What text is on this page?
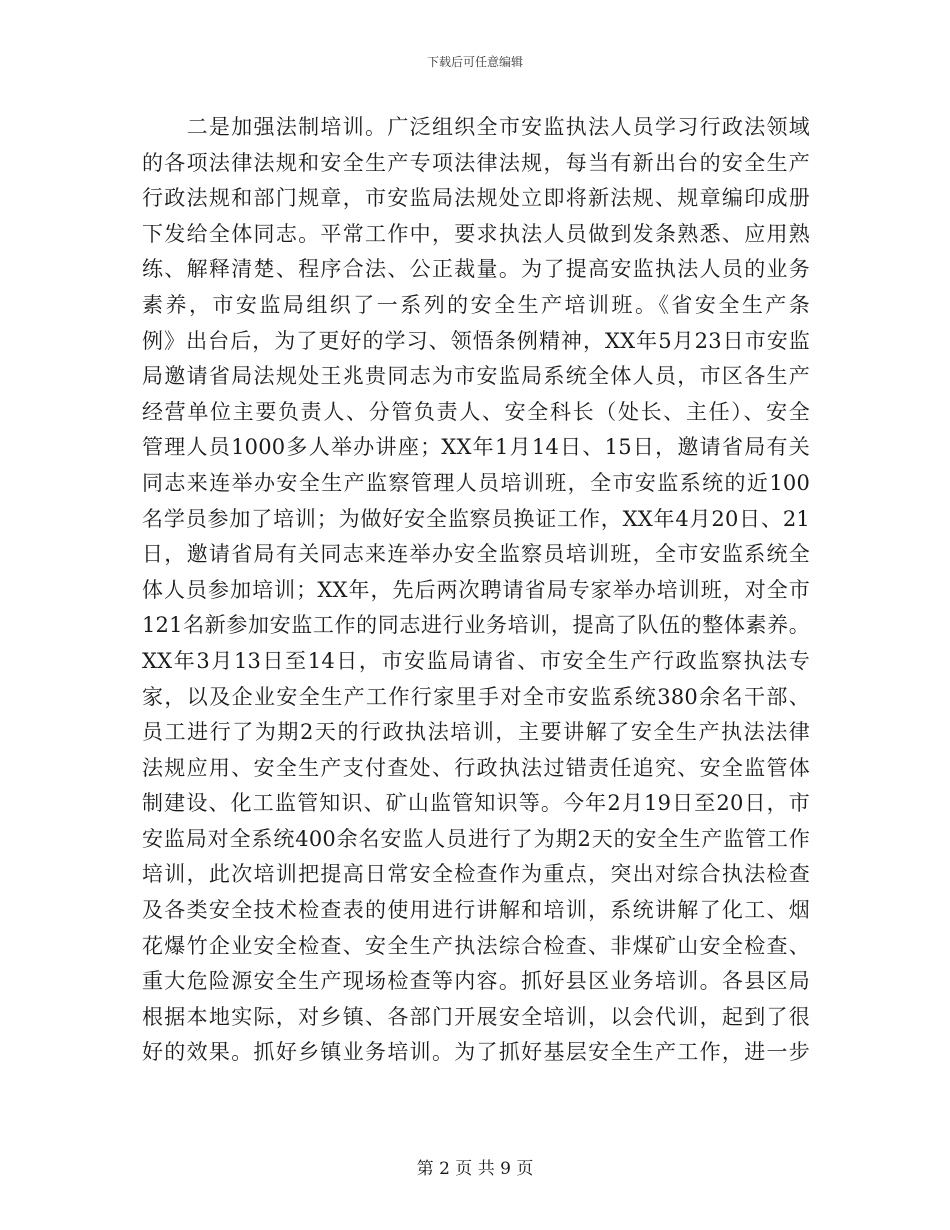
下载后可任意编辑
　　二是加强法制培训。广泛组织全市安监执法人员学习行政法领域
的各项法律法规和安全生产专项法律法规，每当有新出台的安全生产
行政法规和部门规章，市安监局法规处立即将新法规、规章编印成册
下发给全体同志。平常工作中，要求执法人员做到发条熟悉、应用熟
练、解释清楚、程序合法、公正裁量。为了提高安监执法人员的业务
素养，市安监局组织了一系列的安全生产培训班。《省安全生产条
例》出台后，为了更好的学习、领悟条例精神，XX年5月23日市安监
局邀请省局法规处王兆贵同志为市安监局系统全体人员，市区各生产
经营单位主要负责人、分管负责人、安全科长（处长、主任）、安全
管理人员1000多人举办讲座；XX年1月14日、15日，邀请省局有关
同志来连举办安全生产监察管理人员培训班，全市安监系统的近100
名学员参加了培训；为做好安全监察员换证工作，XX年4月20日、21
日，邀请省局有关同志来连举办安全监察员培训班，全市安监系统全
体人员参加培训；XX年，先后两次聘请省局专家举办培训班，对全市
121名新参加安监工作的同志进行业务培训，提高了队伍的整体素养。
XX年3月13日至14日，市安监局请省、市安全生产行政监察执法专
家，以及企业安全生产工作行家里手对全市安监系统380余名干部、
员工进行了为期2天的行政执法培训，主要讲解了安全生产执法法律
法规应用、安全生产支付查处、行政执法过错责任追究、安全监管体
制建设、化工监管知识、矿山监管知识等。今年2月19日至20日，市
安监局对全系统400余名安监人员进行了为期2天的安全生产监管工作
培训，此次培训把提高日常安全检查作为重点，突出对综合执法检查
及各类安全技术检查表的使用进行讲解和培训，系统讲解了化工、烟
花爆竹企业安全检查、安全生产执法综合检查、非煤矿山安全检查、
重大危险源安全生产现场检查等内容。抓好县区业务培训。各县区局
根据本地实际，对乡镇、各部门开展安全培训，以会代训，起到了很
好的效果。抓好乡镇业务培训。为了抓好基层安全生产工作，进一步
第 2 页 共 9 页
